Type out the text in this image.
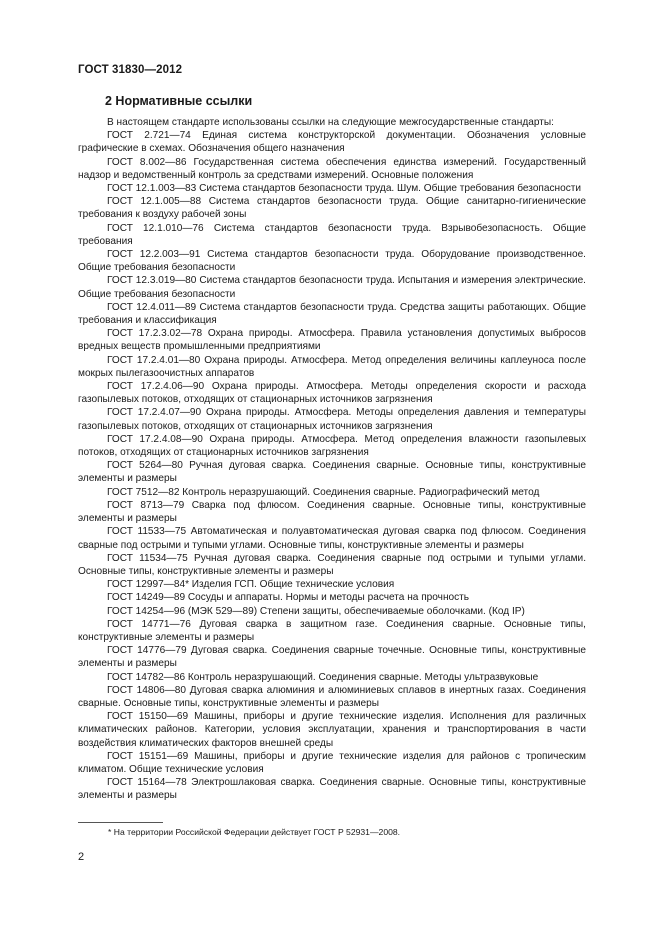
ГОСТ 31830—2012
2 Нормативные ссылки

В настоящем стандарте использованы ссылки на следующие межгосударственные стандарты:

ГОСТ 2.721—74 Единая система конструкторской документации. Обозначения условные графические в схемах. Обозначения общего назначения

ГОСТ 8.002—86 Государственная система обеспечения единства измерений. Государственный надзор и ведомственный контроль за средствами измерений. Основные положения

ГОСТ 12.1.003—83 Система стандартов безопасности труда. Шум. Общие требования безопасности

ГОСТ 12.1.005—88 Система стандартов безопасности труда. Общие санитарно-гигиенические требования к воздуху рабочей зоны

ГОСТ 12.1.010—76 Система стандартов безопасности труда. Взрывобезопасность. Общие требования

ГОСТ 12.2.003—91 Система стандартов безопасности труда. Оборудование производственное. Общие требования безопасности

ГОСТ 12.3.019—80 Система стандартов безопасности труда. Испытания и измерения электрические. Общие требования безопасности

ГОСТ 12.4.011—89 Система стандартов безопасности труда. Средства защиты работающих. Общие требования и классификация

ГОСТ 17.2.3.02—78 Охрана природы. Атмосфера. Правила установления допустимых выбросов вредных веществ промышленными предприятиями

ГОСТ 17.2.4.01—80 Охрана природы. Атмосфера. Метод определения величины каплеуноса после мокрых пылегазоочистных аппаратов

ГОСТ 17.2.4.06—90 Охрана природы. Атмосфера. Методы определения скорости и расхода газопылевых потоков, отходящих от стационарных источников загрязнения

ГОСТ 17.2.4.07—90 Охрана природы. Атмосфера. Методы определения давления и температуры газопылевых потоков, отходящих от стационарных источников загрязнения

ГОСТ 17.2.4.08—90 Охрана природы. Атмосфера. Метод определения влажности газопылевых потоков, отходящих от стационарных источников загрязнения

ГОСТ 5264—80 Ручная дуговая сварка. Соединения сварные. Основные типы, конструктивные элементы и размеры

ГОСТ 7512—82 Контроль неразрушающий. Соединения сварные. Радиографический метод

ГОСТ 8713—79 Сварка под флюсом. Соединения сварные. Основные типы, конструктивные элементы и размеры

ГОСТ 11533—75 Автоматическая и полуавтоматическая дуговая сварка под флюсом. Соединения сварные под острыми и тупыми углами. Основные типы, конструктивные элементы и размеры

ГОСТ 11534—75 Ручная дуговая сварка. Соединения сварные под острыми и тупыми углами. Основные типы, конструктивные элементы и размеры

ГОСТ 12997—84* Изделия ГСП. Общие технические условия

ГОСТ 14249—89 Сосуды и аппараты. Нормы и методы расчета на прочность

ГОСТ 14254—96 (МЭК 529—89) Степени защиты, обеспечиваемые оболочками. (Код IP)

ГОСТ 14771—76 Дуговая сварка в защитном газе. Соединения сварные. Основные типы, конструктивные элементы и размеры

ГОСТ 14776—79 Дуговая сварка. Соединения сварные точечные. Основные типы, конструктивные элементы и размеры

ГОСТ 14782—86 Контроль неразрушающий. Соединения сварные. Методы ультразвуковые

ГОСТ 14806—80 Дуговая сварка алюминия и алюминиевых сплавов в инертных газах. Соединения сварные. Основные типы, конструктивные элементы и размеры

ГОСТ 15150—69 Машины, приборы и другие технические изделия. Исполнения для различных климатических районов. Категории, условия эксплуатации, хранения и транспортирования в части воздействия климатических факторов внешней среды

ГОСТ 15151—69 Машины, приборы и другие технические изделия для районов с тропическим климатом. Общие технические условия

ГОСТ 15164—78 Электрошлаковая сварка. Соединения сварные. Основные типы, конструктивные элементы и размеры

* На территории Российской Федерации действует ГОСТ Р 52931—2008.
2
